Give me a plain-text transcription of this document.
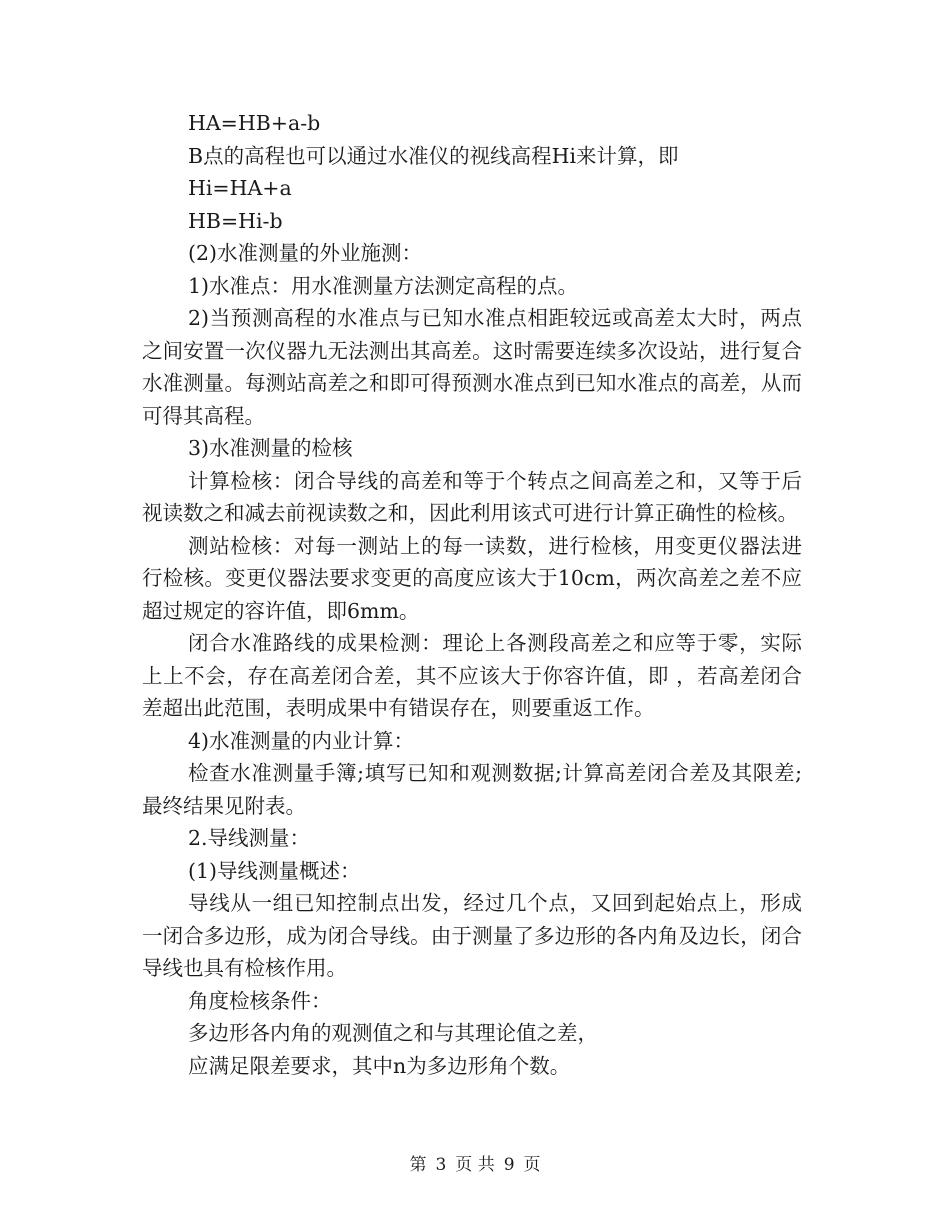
HA=HB+a-b

B点的高程也可以通过水准仪的视线高程Hi来计算，即

Hi=HA+a

HB=Hi-b

(2)水准测量的外业施测：

1)水准点：用水准测量方法测定高程的点。

2)当预测高程的水准点与已知水准点相距较远或高差太大时，两点之间安置一次仪器九无法测出其高差。这时需要连续多次设站，进行复合水准测量。每测站高差之和即可得预测水准点到已知水准点的高差，从而可得其高程。

3)水准测量的检核

计算检核：闭合导线的高差和等于个转点之间高差之和，又等于后视读数之和减去前视读数之和，因此利用该式可进行计算正确性的检核。

测站检核：对每一测站上的每一读数，进行检核，用变更仪器法进行检核。变更仪器法要求变更的高度应该大于10cm，两次高差之差不应超过规定的容许值，即6mm。

闭合水准路线的成果检测：理论上各测段高差之和应等于零，实际上上不会，存在高差闭合差，其不应该大于你容许值，即 ，若高差闭合差超出此范围，表明成果中有错误存在，则要重返工作。

4)水准测量的内业计算：

检查水准测量手簿;填写已知和观测数据;计算高差闭合差及其限差;最终结果见附表。

2.导线测量：

(1)导线测量概述：

导线从一组已知控制点出发，经过几个点，又回到起始点上，形成一闭合多边形，成为闭合导线。由于测量了多边形的各内角及边长，闭合导线也具有检核作用。

角度检核条件：

多边形各内角的观测值之和与其理论值之差，

应满足限差要求，其中n为多边形角个数。

第 3 页 共 9 页
